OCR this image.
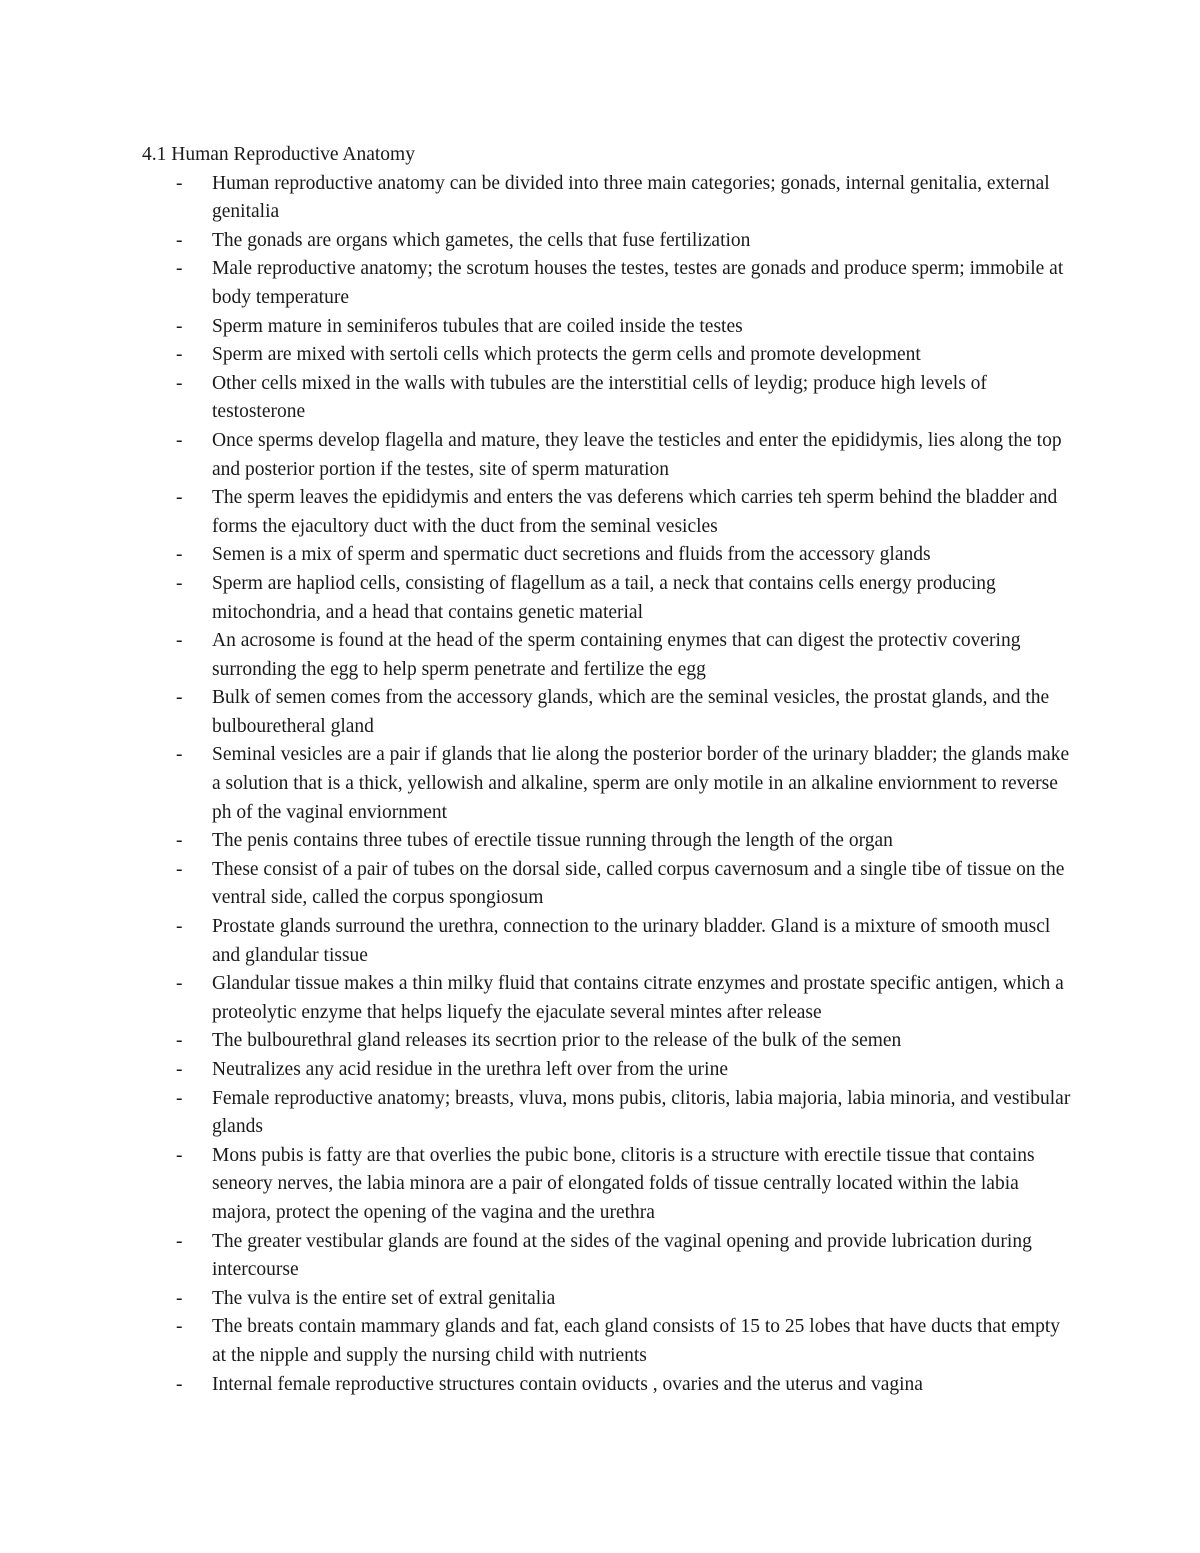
4.1 Human Reproductive Anatomy

- Human reproductive anatomy can be divided into three main categories; gonads, internal genitalia, external genitalia
- The gonads are organs which gametes, the cells that fuse fertilization
- Male reproductive anatomy; the scrotum houses the testes, testes are gonads and produce sperm; immobile at body temperature
- Sperm mature in seminiferos tubules that are coiled inside the testes
- Sperm are mixed with sertoli cells which protects the germ cells and promote development
- Other cells mixed in the walls with tubules are the interstitial cells of leydig; produce high levels of testosterone
- Once sperms develop flagella and mature, they leave the testicles and enter the epididymis, lies along the top and posterior portion if the testes, site of sperm maturation
- The sperm leaves the epididymis and enters the vas deferens which carries teh sperm behind the bladder and forms the ejacultory duct with the duct from the seminal vesicles
- Semen is a mix of sperm and spermatic duct secretions and fluids from the accessory glands
- Sperm are hapliod cells, consisting of flagellum as a tail, a neck that contains cells energy producing mitochondria, and a head that contains genetic material
- An acrosome is found at the head of the sperm containing enymes that can digest the protectiv covering surronding the egg to help sperm penetrate and fertilize the egg
- Bulk of semen comes from the accessory glands, which are the seminal vesicles, the prostat glands, and the bulbouretheral gland
- Seminal vesicles are a pair if glands that lie along the posterior border of the urinary bladder; the glands make a solution that is a thick, yellowish and alkaline, sperm are only motile in an alkaline enviornment to reverse ph of the vaginal enviornment
- The penis contains three tubes of erectile tissue running through the length of the organ
- These consist of a pair of tubes on the dorsal side, called corpus cavernosum and a single tibe of tissue on the ventral side, called the corpus spongiosum
- Prostate glands surround the urethra, connection to the urinary bladder. Gland is a mixture of smooth muscl and glandular tissue
- Glandular tissue makes a thin milky fluid that contains citrate enzymes and prostate specific antigen, which a proteolytic enzyme that helps liquefy the ejaculate several mintes after release
- The bulbourethral gland releases its secrtion prior to the release of the bulk of the semen
- Neutralizes any acid residue in the urethra left over from the urine
- Female reproductive anatomy; breasts, vluva, mons pubis, clitoris, labia majoria, labia minoria, and vestibular glands
- Mons pubis is fatty are that overlies the pubic bone, clitoris is a structure with erectile tissue that contains seneory nerves, the labia minora are a pair of elongated folds of tissue centrally located within the labia majora, protect the opening of the vagina and the urethra
- The greater vestibular glands are found at the sides of the vaginal opening and provide lubrication during intercourse
- The vulva is the entire set of extral genitalia
- The breats contain mammary glands and fat, each gland consists of 15 to 25 lobes that have ducts that empty at the nipple and supply the nursing child with nutrients
- Internal female reproductive structures contain oviducts , ovaries and the uterus and vagina
